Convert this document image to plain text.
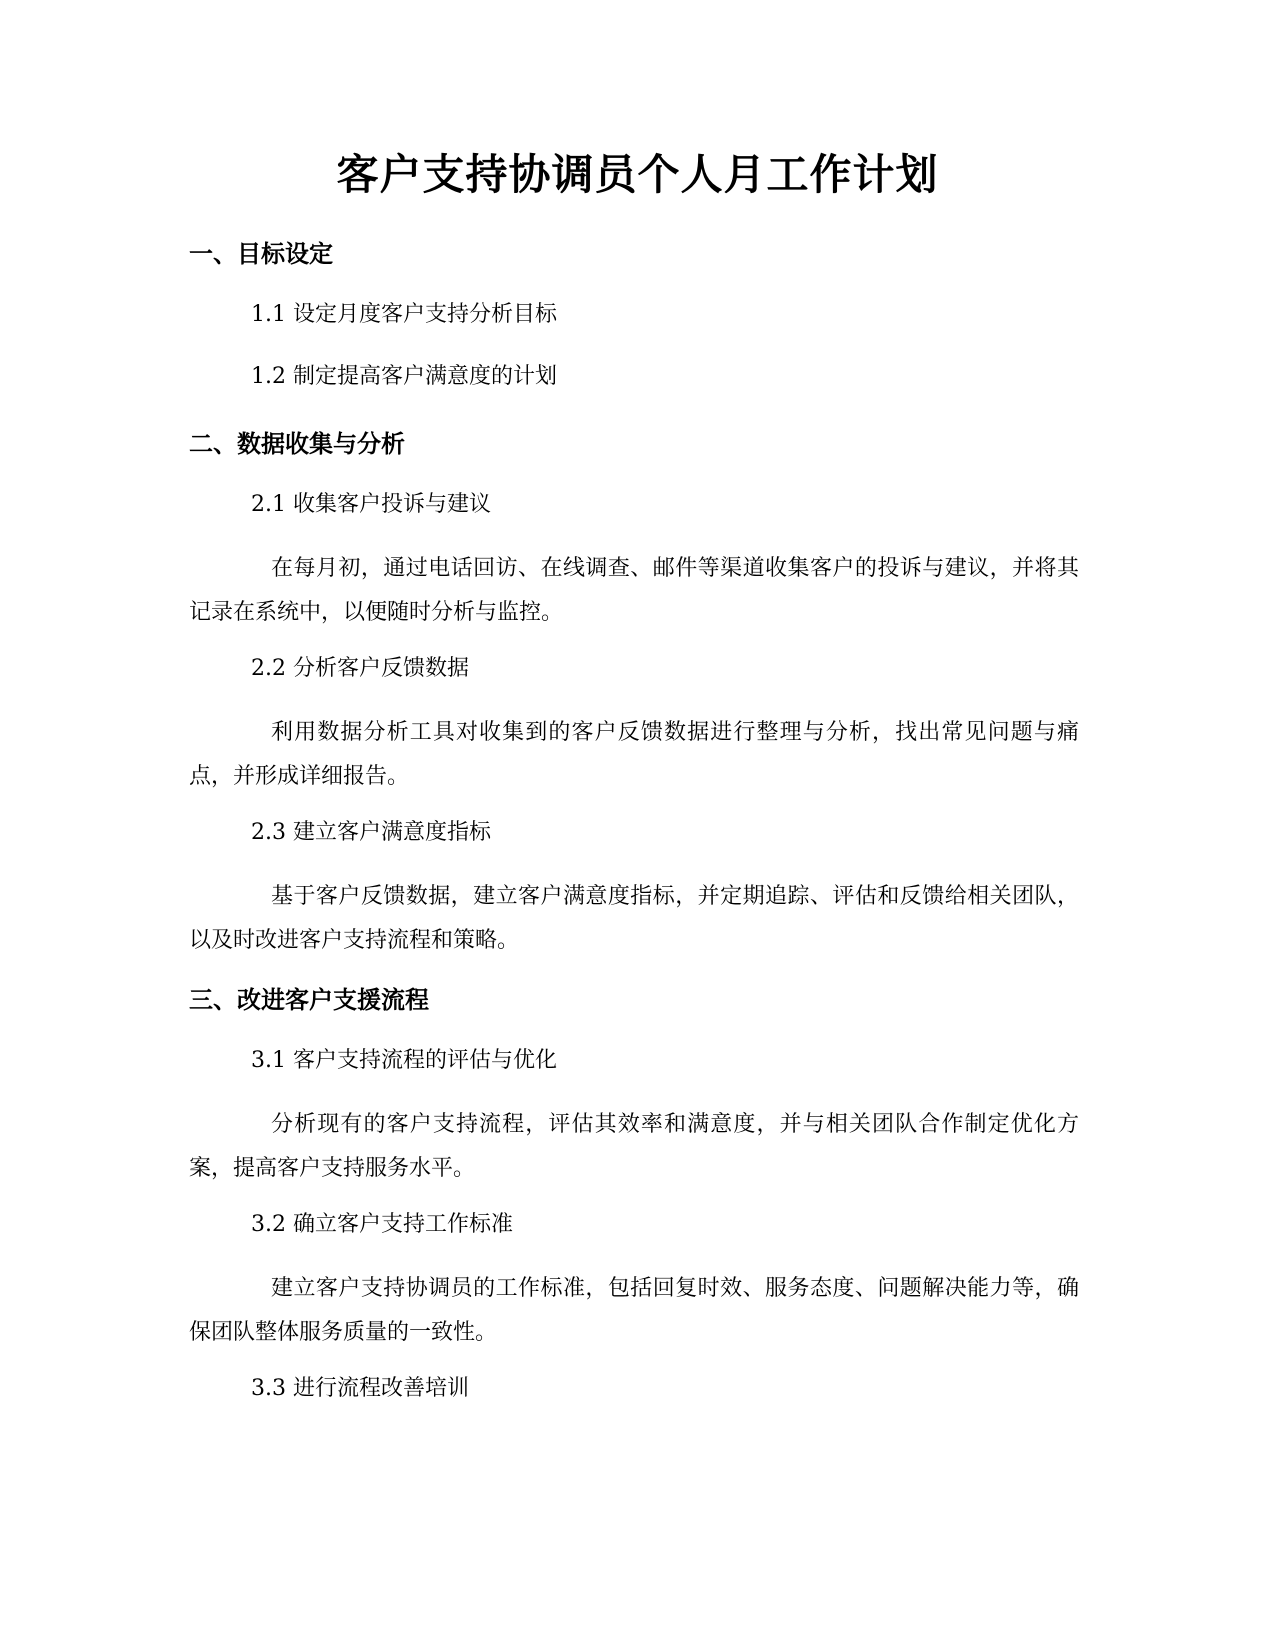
客户支持协调员个人月工作计划
一、目标设定
1.1 设定月度客户支持分析目标
1.2 制定提高客户满意度的计划
二、数据收集与分析
2.1 收集客户投诉与建议
在每月初，通过电话回访、在线调查、邮件等渠道收集客户的投诉与建议，并将其记录在系统中，以便随时分析与监控。
2.2 分析客户反馈数据
利用数据分析工具对收集到的客户反馈数据进行整理与分析，找出常见问题与痛点，并形成详细报告。
2.3 建立客户满意度指标
基于客户反馈数据，建立客户满意度指标，并定期追踪、评估和反馈给相关团队，以及时改进客户支持流程和策略。
三、改进客户支援流程
3.1 客户支持流程的评估与优化
分析现有的客户支持流程，评估其效率和满意度，并与相关团队合作制定优化方案，提高客户支持服务水平。
3.2 确立客户支持工作标准
建立客户支持协调员的工作标准，包括回复时效、服务态度、问题解决能力等，确保团队整体服务质量的一致性。
3.3 进行流程改善培训
